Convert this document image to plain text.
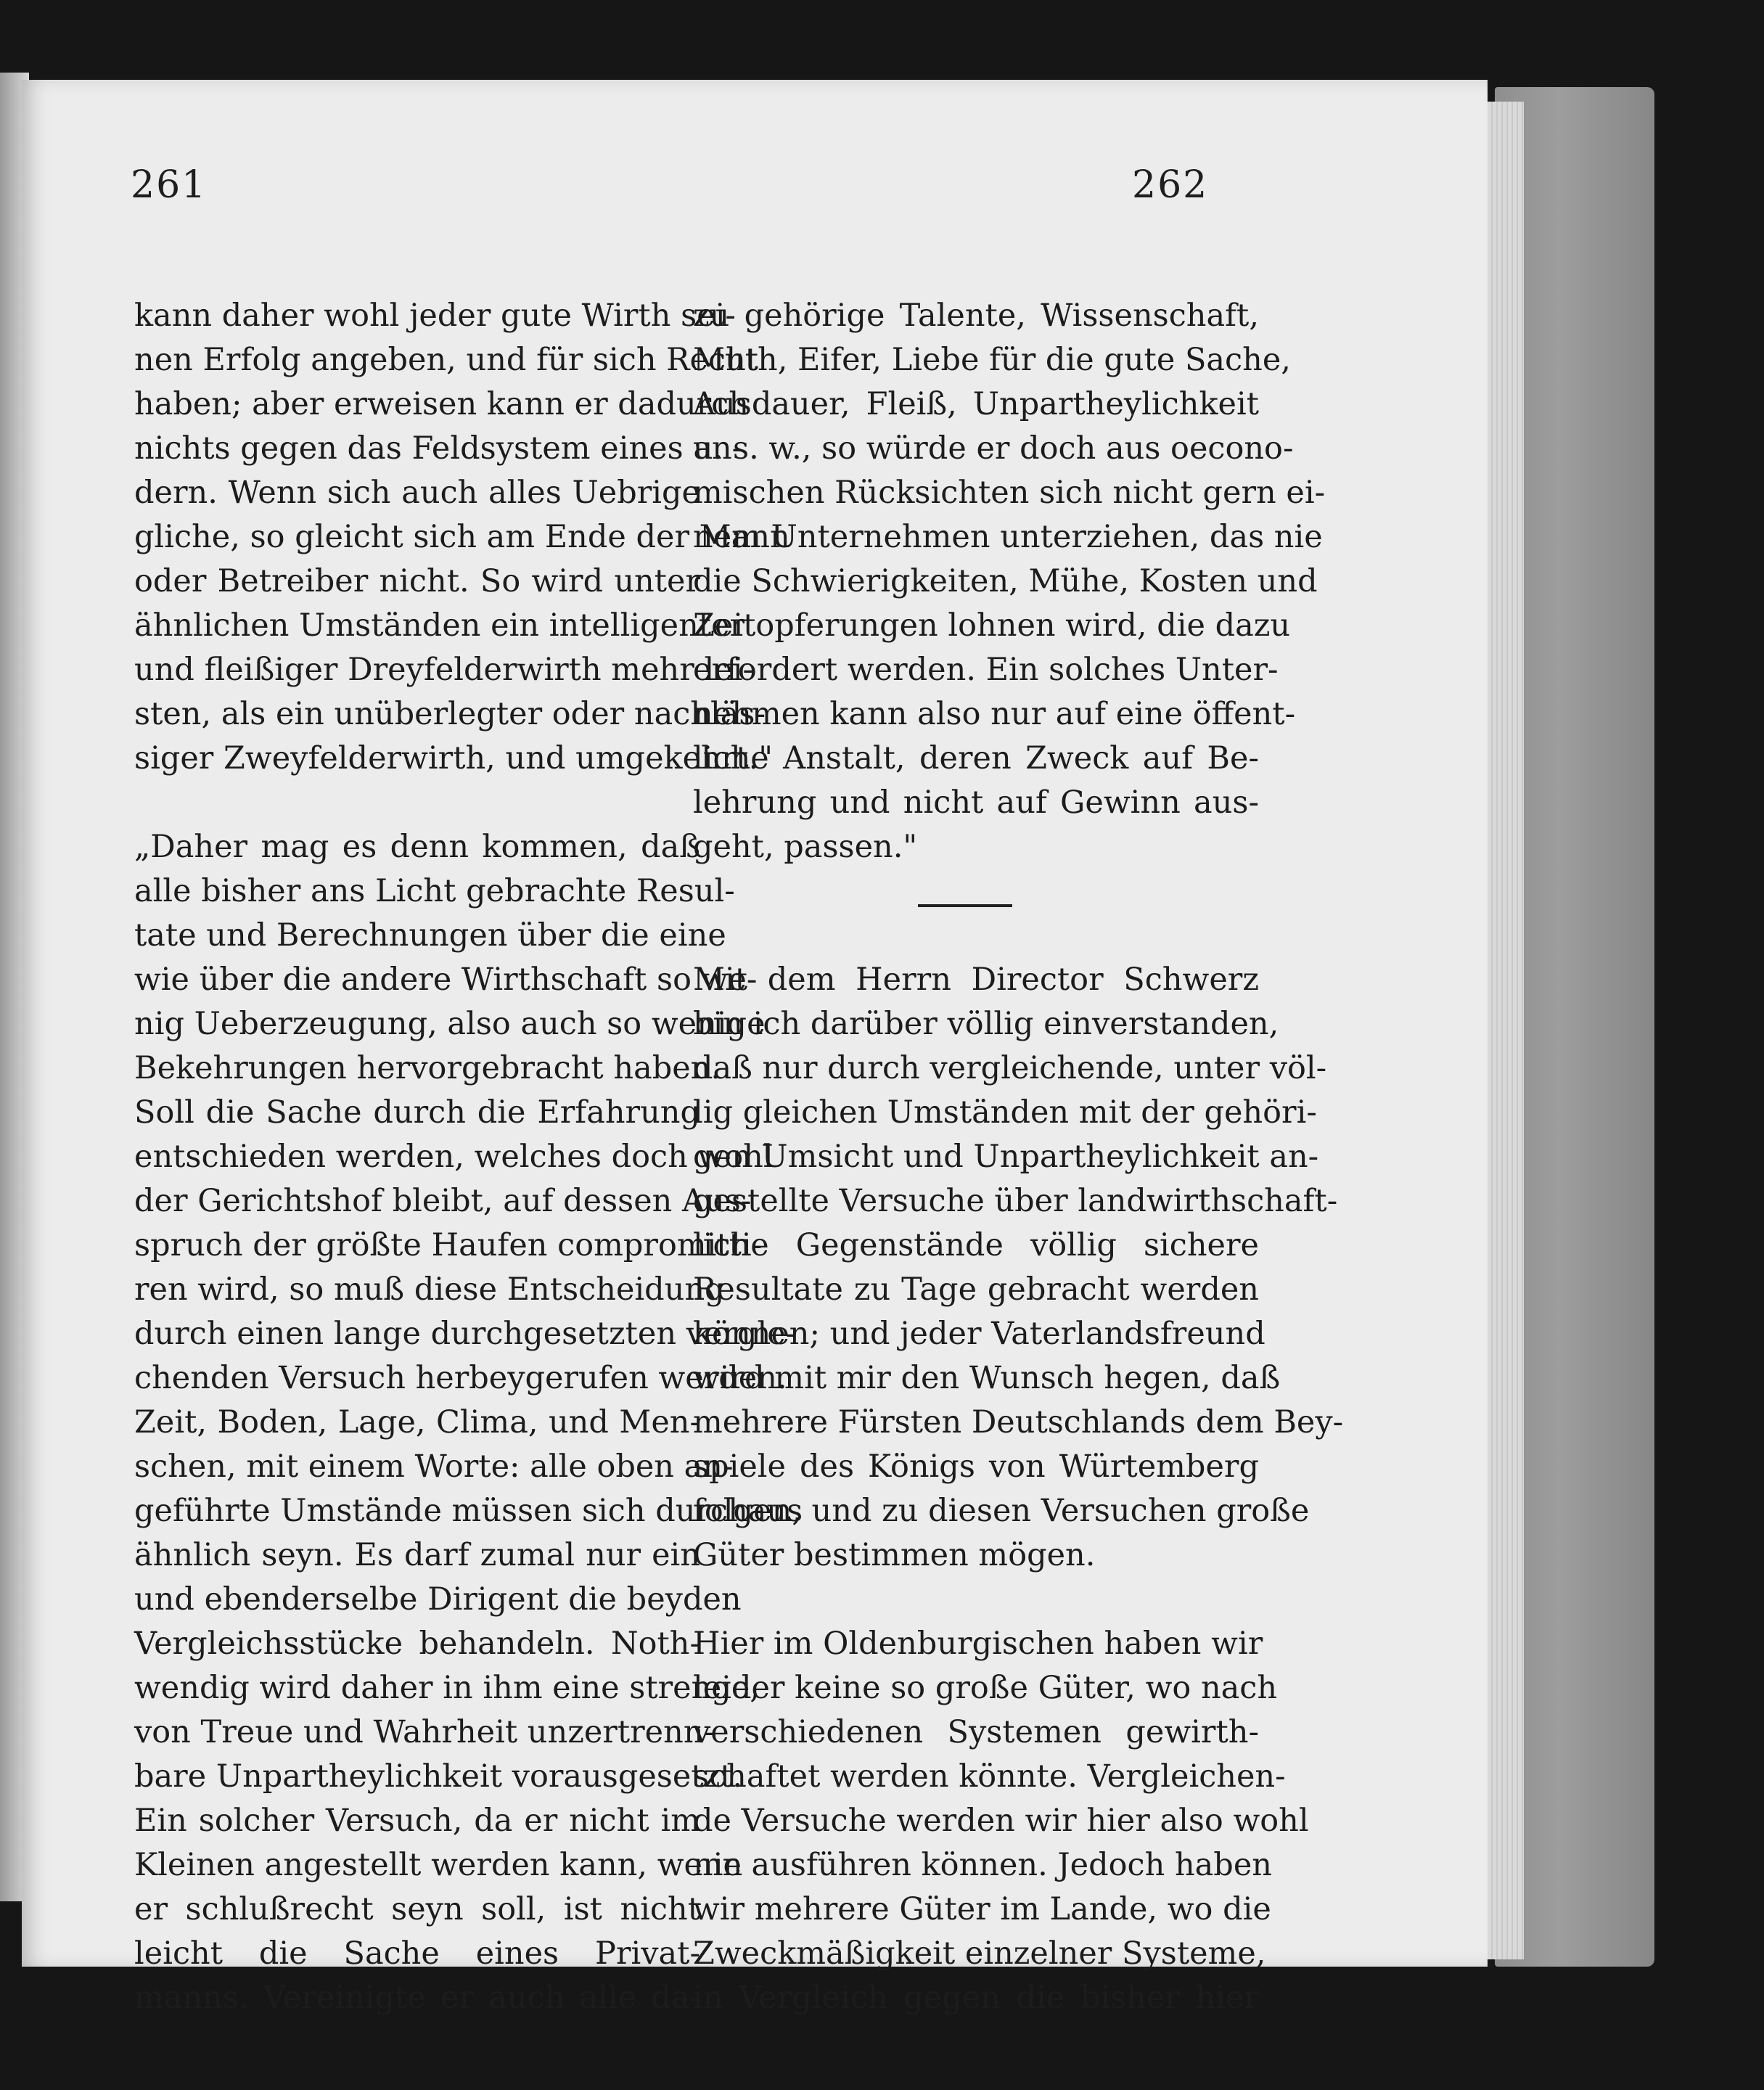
261	262
kann daher wohl jeder gute Wirth sei-
nen Erfolg angeben, und für sich Recht
haben; aber erweisen kann er dadurch
nichts gegen das Feldsystem eines an-
dern. Wenn sich auch alles Uebrige
gliche, so gleicht sich am Ende der Mann
oder Betreiber nicht. So wird unter
ähnlichen Umständen ein intelligenter
und fleißiger Dreyfelderwirth mehr lei-
sten, als ein unüberlegter oder nachläs-
siger Zweyfelderwirth, und umgekehrt."
„Daher mag es denn kommen, daß
alle bisher ans Licht gebrachte Resul-
tate und Berechnungen über die eine
wie über die andere Wirthschaft so we-
nig Ueberzeugung, also auch so wenige
Bekehrungen hervorgebracht haben.
Soll die Sache durch die Erfahrung
entschieden werden, welches doch wohl
der Gerichtshof bleibt, auf dessen Aus-
spruch der größte Haufen compromitti-
ren wird, so muß diese Entscheidung
durch einen lange durchgesetzten vergle-
chenden Versuch herbeygerufen werden.
Zeit, Boden, Lage, Clima, und Men-
schen, mit einem Worte: alle oben an-
geführte Umstände müssen sich durchaus
ähnlich seyn. Es darf zumal nur ein
und ebenderselbe Dirigent die beyden
Vergleichsstücke behandeln. Noth-
wendig wird daher in ihm eine strenge,
von Treue und Wahrheit unzertrenn-
bare Unpartheylichkeit vorausgesetzt.
Ein solcher Versuch, da er nicht im
Kleinen angestellt werden kann, wenn
er schlußrecht seyn soll, ist nicht
leicht die Sache eines Privat-
manns. Vereinigte er auch alle da-
zu gehörige Talente, Wissenschaft,
Muth, Eifer, Liebe für die gute Sache,
Ausdauer, Fleiß, Unpartheylichkeit
u. s. w., so würde er doch aus oecono-
mischen Rücksichten sich nicht gern ei-
nem Unternehmen unterziehen, das nie
die Schwierigkeiten, Mühe, Kosten und
Zeitopferungen lohnen wird, die dazu
erfordert werden. Ein solches Unter-
nehmen kann also nur auf eine öffent-
liche Anstalt, deren Zweck auf Be-
lehrung und nicht auf Gewinn aus-
geht, passen."
Mit dem Herrn Director Schwerz
bin ich darüber völlig einverstanden,
daß nur durch vergleichende, unter völ-
lig gleichen Umständen mit der gehöri-
gen Umsicht und Unpartheylichkeit an-
gestellte Versuche über landwirthschaft-
liche Gegenstände völlig sichere
Resultate zu Tage gebracht werden
können; und jeder Vaterlandsfreund
wird mit mir den Wunsch hegen, daß
mehrere Fürsten Deutschlands dem Bey-
spiele des Königs von Würtemberg
folgen, und zu diesen Versuchen große
Güter bestimmen mögen.
Hier im Oldenburgischen haben wir
leider keine so große Güter, wo nach
verschiedenen Systemen gewirth-
schaftet werden könnte. Vergleichen-
de Versuche werden wir hier also wohl
nie ausführen können. Jedoch haben
wir mehrere Güter im Lande, wo die
Zweckmäßigkeit einzelner Systeme,
in Vergleich gegen die bisher hier
